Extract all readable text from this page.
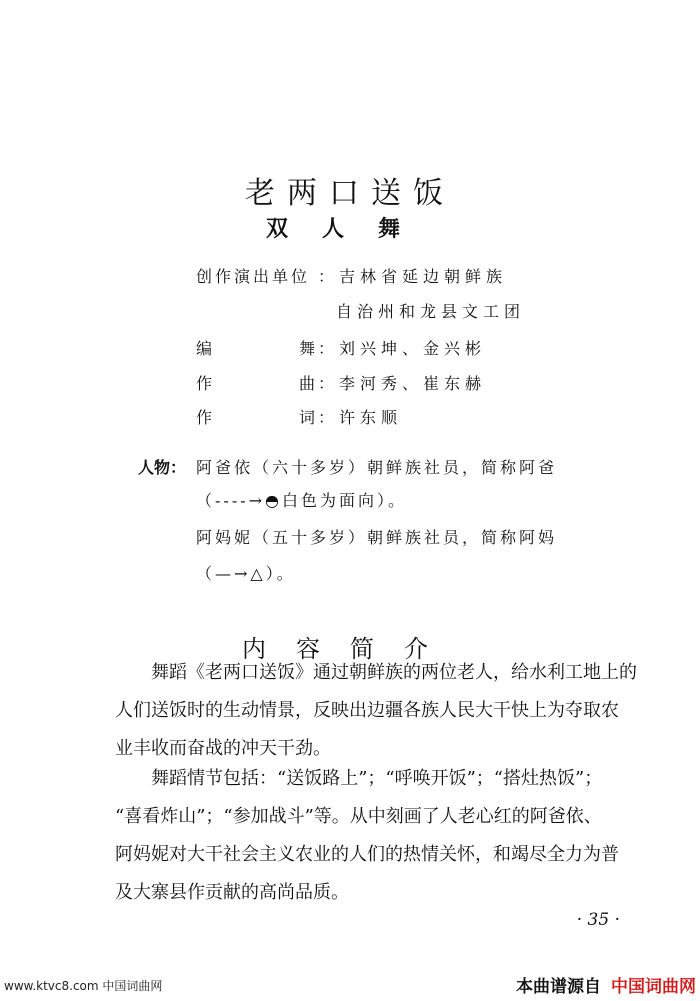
老两口送饭
双人舞
创作演出单位 ：吉林省延边朝鲜族
自治州和龙县文工团
编	舞 ：刘兴坤、金兴彬
作	曲 ：李河秀、崔东赫
作	词 ：许东顺
人物： 阿爸依（六十多岁）朝鲜族社员，简称阿爸
（----→◓白色为面向）。
阿妈妮（五十多岁）朝鲜族社员，简称阿妈
（—→△）。
内容简介

　　舞蹈《老两口送饭》通过朝鲜族的两位老人，给水利工地上的

人们送饭时的生动情景，反映出边疆各族人民大干快上为夺取农

业丰收而奋战的冲天干劲。

　　舞蹈情节包括：“送饭路上”；“呼唤开饭”；“搭灶热饭”；

“喜看炸山”；“参加战斗”等。从中刻画了人老心红的阿爸依、

阿妈妮对大干社会主义农业的人们的热情关怀，和竭尽全力为普

及大寨县作贡献的高尚品质。

· 35 ·
www.ktvc8.com 中国词曲网	本曲谱源自 中国词曲网
